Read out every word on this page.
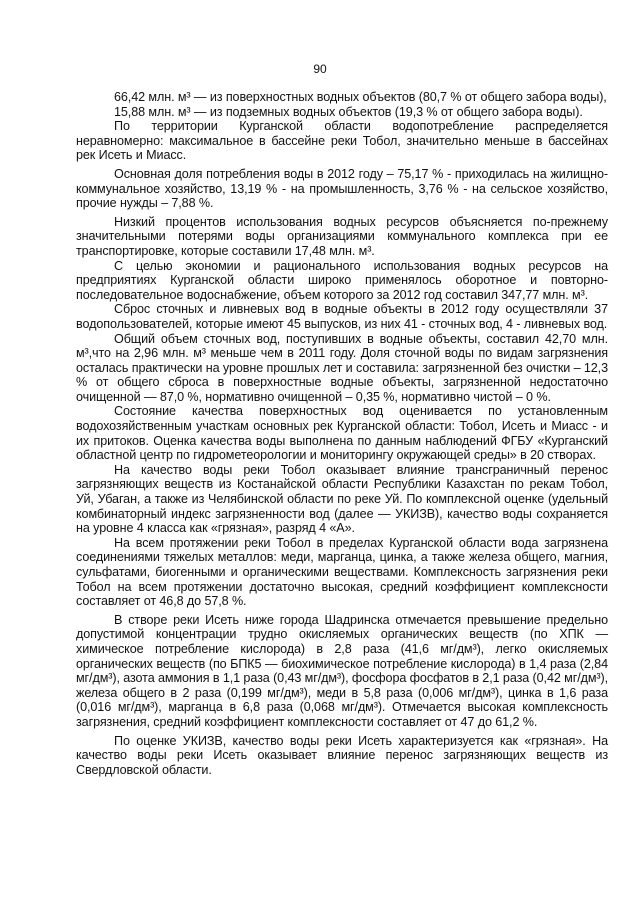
90

66,42 млн. м³ — из поверхностных водных объектов (80,7 % от общего забора воды),
15,88 млн. м³ — из подземных водных объектов (19,3 % от общего забора воды).

По территории Курганской области водопотребление распределяется неравномерно: максимальное в бассейне реки Тобол, значительно меньше в бассейнах рек Исеть и Миасс.

Основная доля потребления воды в 2012 году – 75,17 % - приходилась на жилищно-коммунальное хозяйство, 13,19 % - на промышленность, 3,76 % - на сельское хозяйство, прочие нужды – 7,88 %.

Низкий процентов использования водных ресурсов объясняется по-прежнему значительными потерями воды организациями коммунального комплекса при ее транспортировке, которые составили 17,48 млн. м³.

С целью экономии и рационального использования водных ресурсов на предприятиях Курганской области широко применялось оборотное и повторно-последовательное водоснабжение, объем которого за 2012 год составил 347,77 млн. м³.

Сброс сточных и ливневых вод в водные объекты в 2012 году осуществляли 37 водопользователей, которые имеют 45 выпусков, из них 41 - сточных вод, 4 - ливневых вод.

Общий объем сточных вод, поступивших в водные объекты, составил 42,70 млн. м³,что на 2,96 млн. м³ меньше чем в 2011 году. Доля сточной воды по видам загрязнения осталась практически на уровне прошлых лет и составила: загрязненной без очистки – 12,3 % от общего сброса в поверхностные водные объекты, загрязненной недостаточно очищенной — 87,0 %, нормативно очищенной – 0,35 %, нормативно чистой – 0 %.

Состояние качества поверхностных вод оценивается по установленным водохозяйственным участкам основных рек Курганской области: Тобол, Исеть и Миасс - и их притоков. Оценка качества воды выполнена по данным наблюдений ФГБУ «Курганский областной центр по гидрометеорологии и мониторингу окружающей среды» в 20 створах.

На качество воды реки Тобол оказывает влияние трансграничный перенос загрязняющих веществ из Костанайской области Республики Казахстан по рекам Тобол, Уй, Убаган, а также из Челябинской области по реке Уй. По комплексной оценке (удельный комбинаторный индекс загрязненности вод (далее — УКИЗВ), качество воды сохраняется на уровне 4 класса как «грязная», разряд 4 «А».

На всем протяжении реки Тобол в пределах Курганской области вода загрязнена соединениями тяжелых металлов: меди, марганца, цинка, а также железа общего, магния, сульфатами, биогенными и органическими веществами. Комплексность загрязнения реки Тобол на всем протяжении достаточно высокая, средний коэффициент комплексности составляет от 46,8 до 57,8 %.

В створе реки Исеть ниже города Шадринска отмечается превышение предельно допустимой концентрации трудно окисляемых органических веществ (по ХПК — химическое потребление кислорода) в 2,8 раза (41,6 мг/дм³), легко окисляемых органических веществ (по БПК5 — биохимическое потребление кислорода) в 1,4 раза (2,84 мг/дм³), азота аммония в 1,1 раза (0,43 мг/дм³), фосфора фосфатов в 2,1 раза (0,42 мг/дм³), железа общего в 2 раза (0,199 мг/дм³), меди в 5,8 раза (0,006 мг/дм³), цинка в 1,6 раза (0,016 мг/дм³), марганца в 6,8 раза (0,068 мг/дм³). Отмечается высокая комплексность загрязнения, средний коэффициент комплексности составляет от 47 до 61,2 %.

По оценке УКИЗВ, качество воды реки Исеть характеризуется как «грязная». На качество воды реки Исеть оказывает влияние перенос загрязняющих веществ из Свердловской области.
